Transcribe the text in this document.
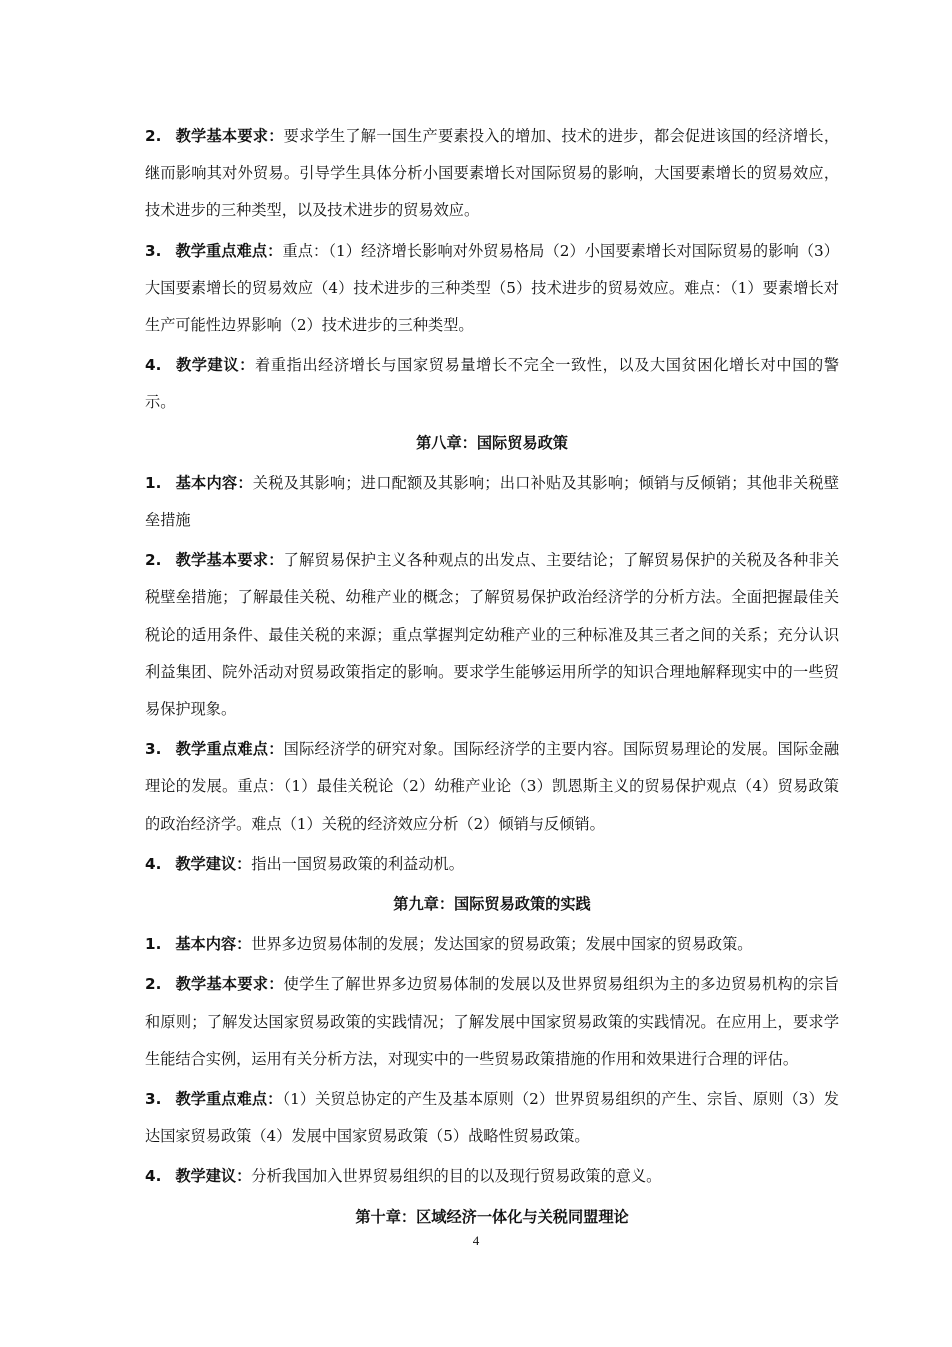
2. 教学基本要求：要求学生了解一国生产要素投入的增加、技术的进步，都会促进该国的经济增长，继而影响其对外贸易。引导学生具体分析小国要素增长对国际贸易的影响，大国要素增长的贸易效应，技术进步的三种类型，以及技术进步的贸易效应。

3. 教学重点难点：重点：（1）经济增长影响对外贸易格局（2）小国要素增长对国际贸易的影响（3）大国要素增长的贸易效应（4）技术进步的三种类型（5）技术进步的贸易效应。难点：（1）要素增长对生产可能性边界影响（2）技术进步的三种类型。

4. 教学建议：着重指出经济增长与国家贸易量增长不完全一致性，以及大国贫困化增长对中国的警示。

第八章：国际贸易政策

1. 基本内容：关税及其影响；进口配额及其影响；出口补贴及其影响；倾销与反倾销；其他非关税壁垒措施

2. 教学基本要求：了解贸易保护主义各种观点的出发点、主要结论；了解贸易保护的关税及各种非关税壁垒措施；了解最佳关税、幼稚产业的概念；了解贸易保护政治经济学的分析方法。全面把握最佳关税论的适用条件、最佳关税的来源；重点掌握判定幼稚产业的三种标准及其三者之间的关系；充分认识利益集团、院外活动对贸易政策指定的影响。要求学生能够运用所学的知识合理地解释现实中的一些贸易保护现象。

3. 教学重点难点：国际经济学的研究对象。国际经济学的主要内容。国际贸易理论的发展。国际金融理论的发展。重点：（1）最佳关税论（2）幼稚产业论（3）凯恩斯主义的贸易保护观点（4）贸易政策的政治经济学。难点（1）关税的经济效应分析（2）倾销与反倾销。

4. 教学建议：指出一国贸易政策的利益动机。

第九章：国际贸易政策的实践

1. 基本内容：世界多边贸易体制的发展；发达国家的贸易政策；发展中国家的贸易政策。

2. 教学基本要求：使学生了解世界多边贸易体制的发展以及世界贸易组织为主的多边贸易机构的宗旨和原则；了解发达国家贸易政策的实践情况；了解发展中国家贸易政策的实践情况。在应用上，要求学生能结合实例，运用有关分析方法，对现实中的一些贸易政策措施的作用和效果进行合理的评估。

3. 教学重点难点：（1）关贸总协定的产生及基本原则（2）世界贸易组织的产生、宗旨、原则（3）发达国家贸易政策（4）发展中国家贸易政策（5）战略性贸易政策。

4. 教学建议：分析我国加入世界贸易组织的目的以及现行贸易政策的意义。

第十章：区域经济一体化与关税同盟理论

4
